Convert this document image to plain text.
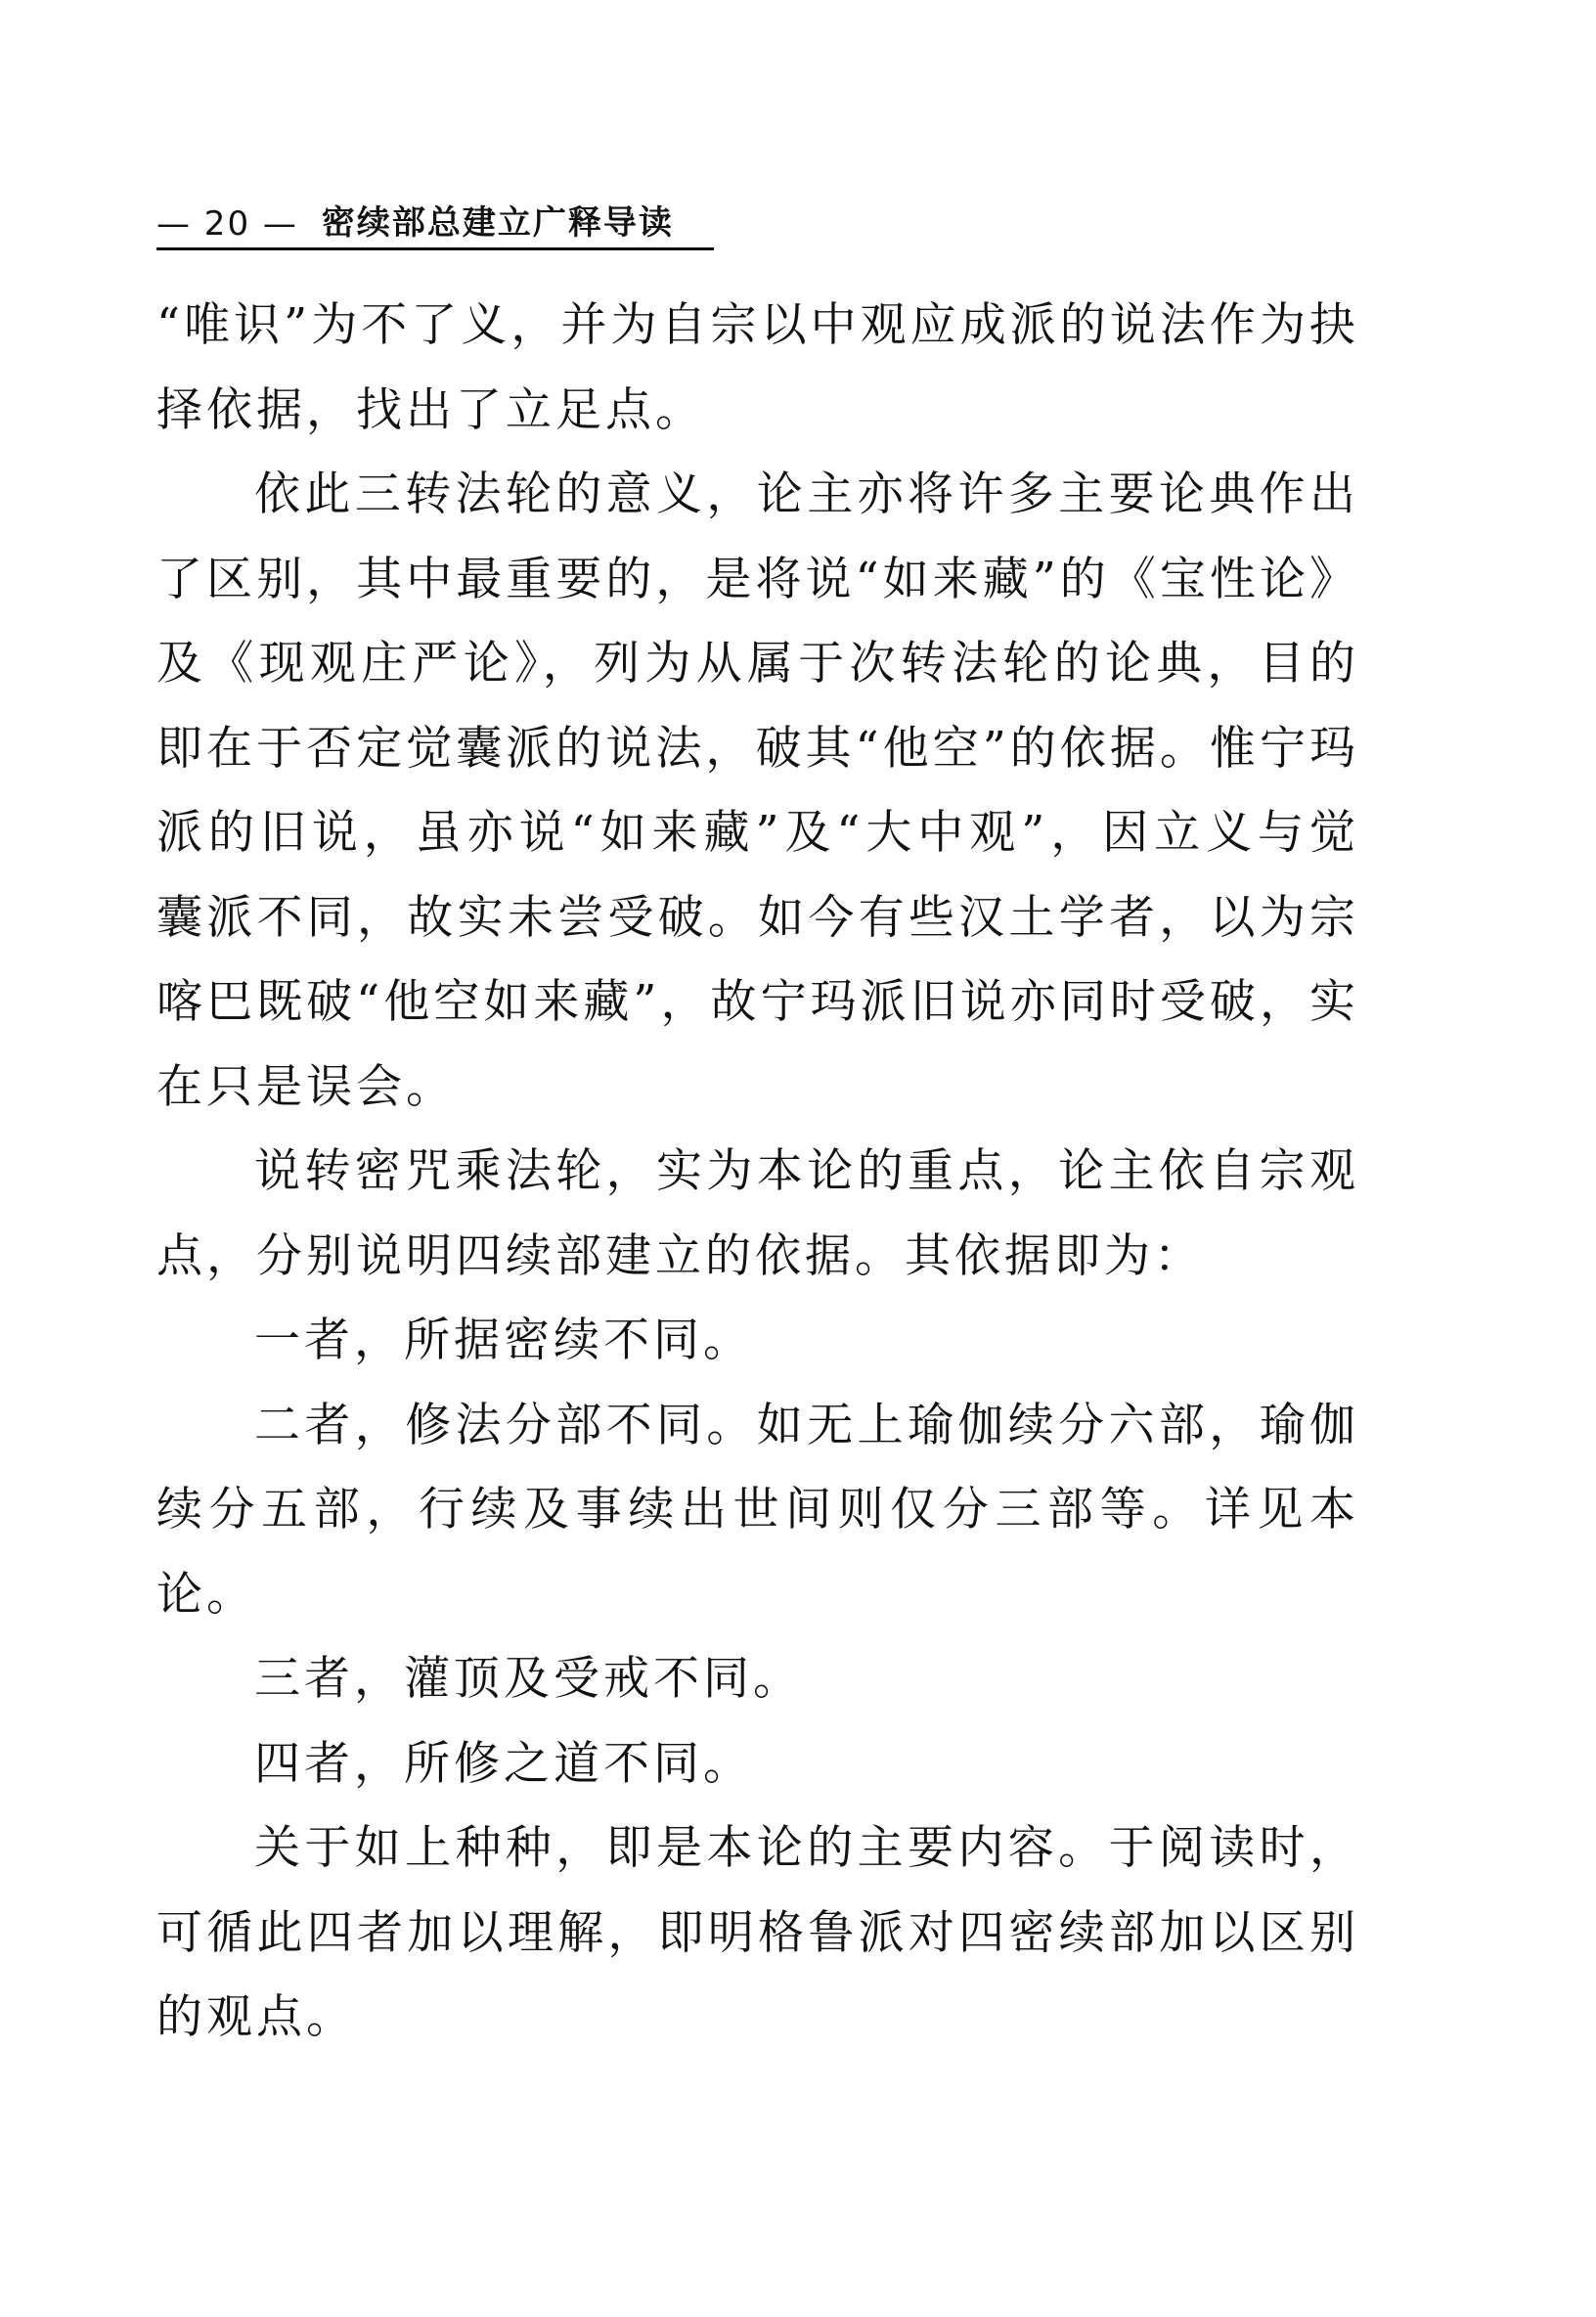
— 20 — 密续部总建立广释导读

“唯识”为不了义，并为自宗以中观应成派的说法作为抉择依据，找出了立足点。

依此三转法轮的意义，论主亦将许多主要论典作出了区别，其中最重要的，是将说“如来藏”的《宝性论》及《现观庄严论》，列为从属于次转法轮的论典，目的即在于否定觉囊派的说法，破其“他空”的依据。惟宁玛派的旧说，虽亦说“如来藏”及“大中观”，因立义与觉囊派不同，故实未尝受破。如今有些汉土学者，以为宗喀巴既破“他空如来藏”，故宁玛派旧说亦同时受破，实在只是误会。

说转密咒乘法轮，实为本论的重点，论主依自宗观点，分别说明四续部建立的依据。其依据即为：

一者，所据密续不同。

二者，修法分部不同。如无上瑜伽续分六部，瑜伽续分五部，行续及事续出世间则仅分三部等。详见本论。

三者，灌顶及受戒不同。

四者，所修之道不同。

关于如上种种，即是本论的主要内容。于阅读时，可循此四者加以理解，即明格鲁派对四密续部加以区别的观点。
